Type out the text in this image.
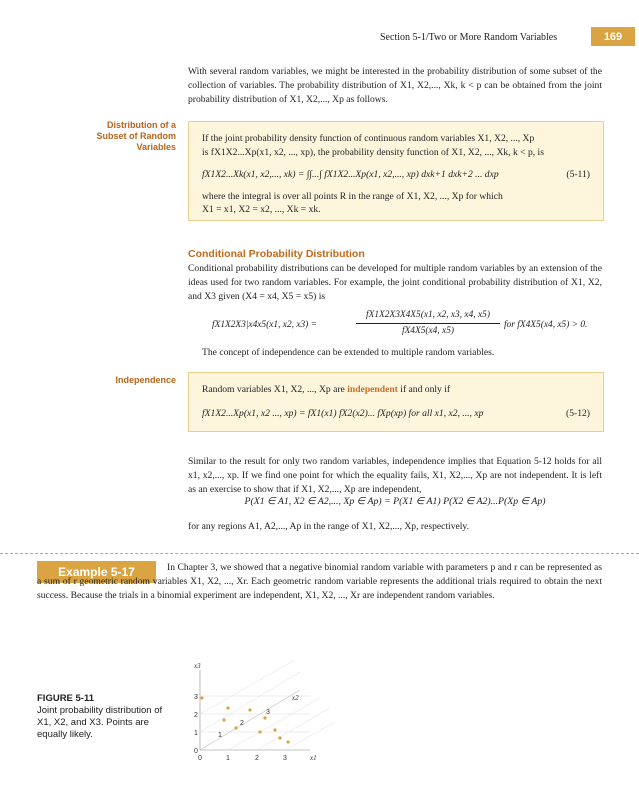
Section 5-1/Two or More Random Variables	169
With several random variables, we might be interested in the probability distribution of some subset of the collection of variables. The probability distribution of X1, X2,..., Xk, k < p can be obtained from the joint probability distribution of X1, X2,..., Xp as follows.
Distribution of a Subset of Random Variables
If the joint probability density function of continuous random variables X1, X2, ..., Xp
is fX1X2...Xp(x1, x2, ..., xp), the probability density function of X1, X2, ..., Xk, k < p, is
fX1X2...Xk(x1, x2,..., xk) = ∫∫...∫ fX1X2...Xp(x1, x2,..., xp) dxk+1 dxk+2 ... dxp	(5-11)
where the integral is over all points R in the range of X1, X2, ..., Xp for which
X1 = x1, X2 = x2, ..., Xk = xk.
Conditional Probability Distribution
Conditional probability distributions can be developed for multiple random variables by an extension of the ideas used for two random variables. For example, the joint conditional probability distribution of X1, X2, and X3 given (X4 = x4, X5 = x5) is
fX1X2X3|x4x5(x1, x2, x3) =
fX1X2X3X4X5(x1, x2, x3, x4, x5)
fX4X5(x4, x5)
for fX4X5(x4, x5) > 0.
The concept of independence can be extended to multiple random variables.
Independence
Random variables X1, X2, ..., Xp are independent if and only if
fX1X2...Xp(x1, x2 ..., xp) = fX1(x1) fX2(x2)... fXp(xp) for all x1, x2, ..., xp	(5-12)
Similar to the result for only two random variables, independence implies that Equation 5-12 holds for all x1, x2,..., xp. If we find one point for which the equality fails, X1, X2,..., Xp are not independent. It is left as an exercise to show that if X1, X2,..., Xp are independent,
P(X1 ∈ A1, X2 ∈ A2,..., Xp ∈ Ap) = P(X1 ∈ A1) P(X2 ∈ A2)...P(Xp ∈ Ap)
for any regions A1, A2,..., Ap in the range of X1, X2,..., Xp, respectively.
Example 5-17	In Chapter 3, we showed that a negative binomial random variable with parameters p and r can be represented as a sum of r geometric random variables X1, X2, ..., Xr. Each geometric random variable represents the additional trials required to obtain the next success. Because the trials in a binomial experiment are independent, X1, X2, ..., Xr are independent random variables.
FIGURE 5-11
Joint probability distribution of X1, X2, and X3. Points are equally likely.
0
1
2
3
0	1	2	3
1
2
3
x3
x1
x2
